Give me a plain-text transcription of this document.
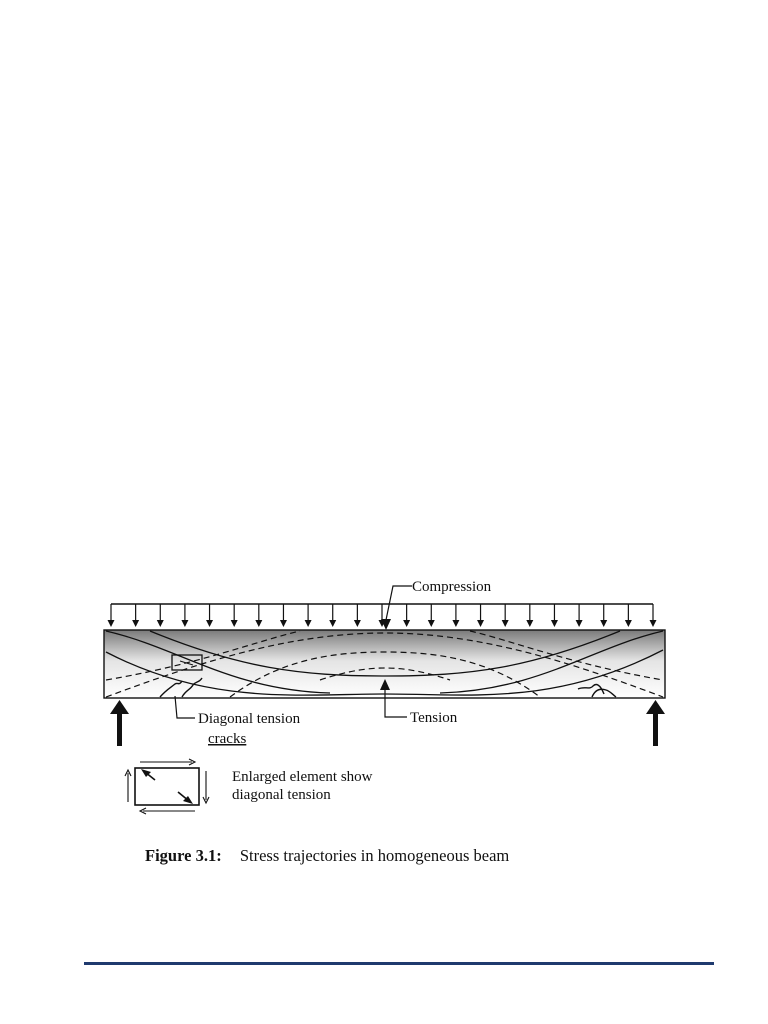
Compression
Tension
Diagonal tension
cracks
Enlarged element show
diagonal tension
Figure 3.1: Stress trajectories in homogeneous beam
